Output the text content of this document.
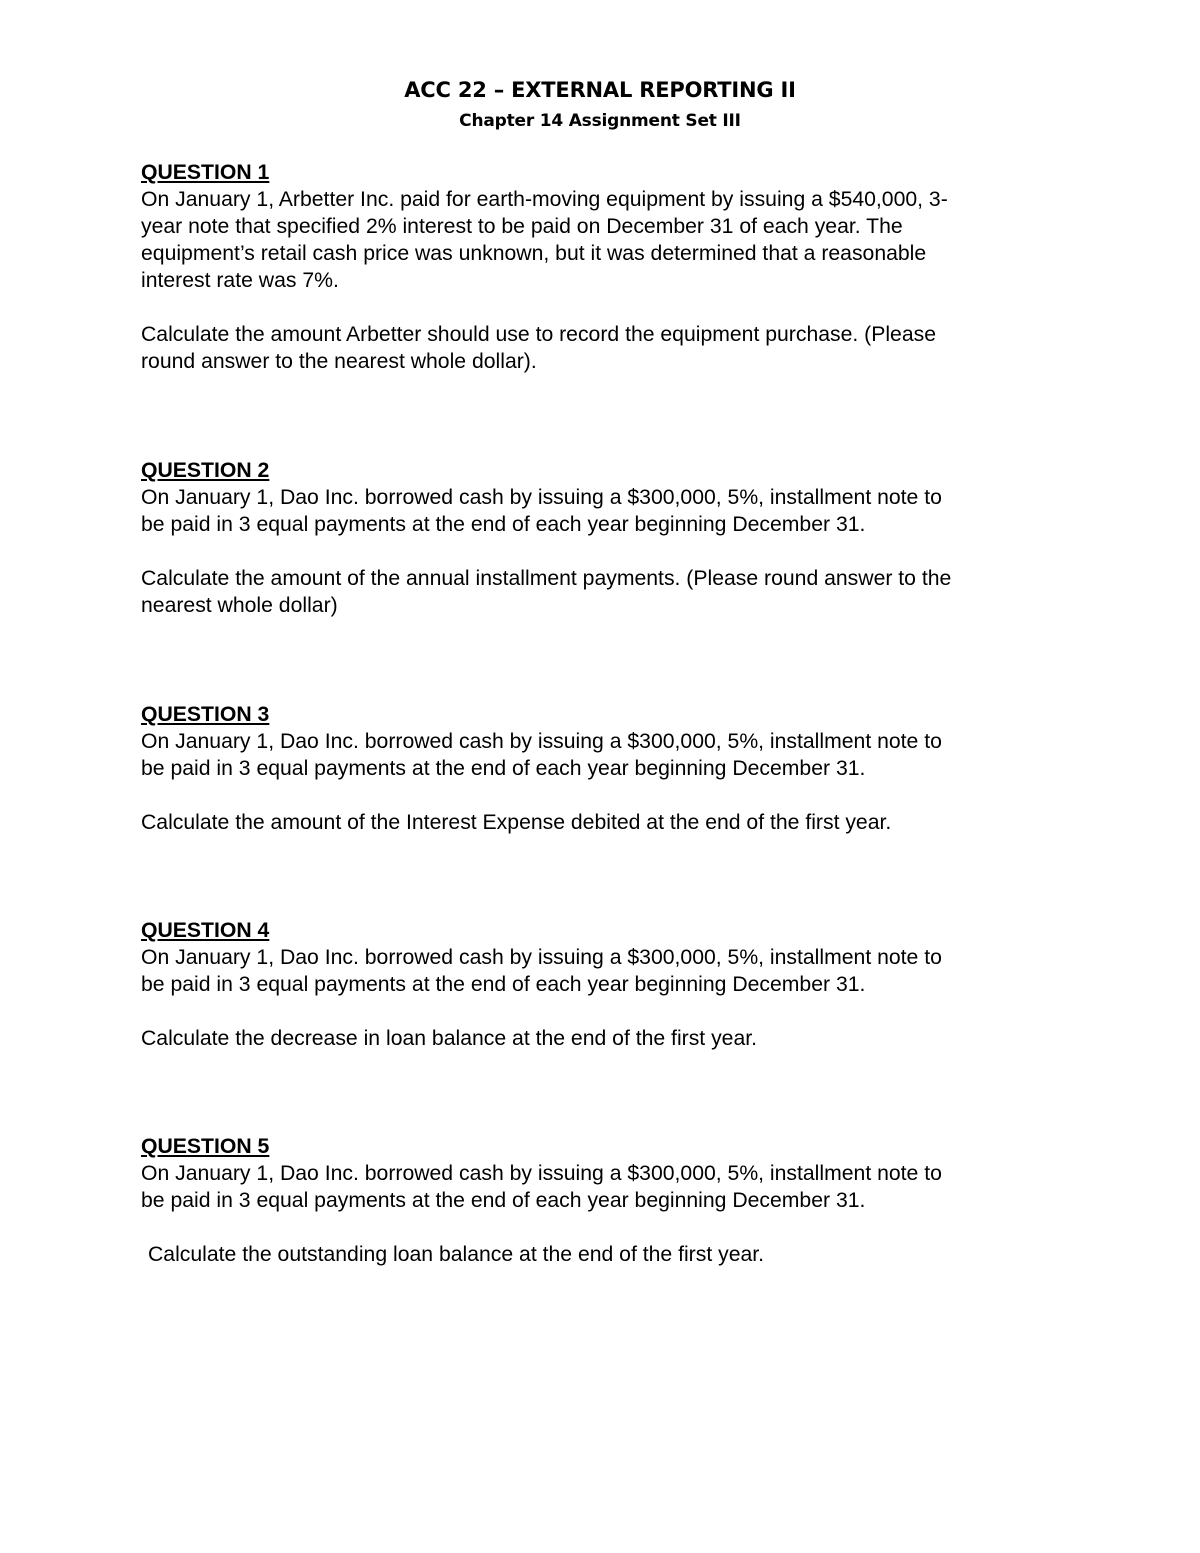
ACC 22 – EXTERNAL REPORTING II
Chapter 14 Assignment Set III
QUESTION 1
On January 1, Arbetter Inc. paid for earth-moving equipment by issuing a $540,000, 3-
year note that specified 2% interest to be paid on December 31 of each year. The
equipment’s retail cash price was unknown, but it was determined that a reasonable
interest rate was 7%.
Calculate the amount Arbetter should use to record the equipment purchase. (Please
round answer to the nearest whole dollar).
QUESTION 2
On January 1, Dao Inc. borrowed cash by issuing a $300,000, 5%, installment note to
be paid in 3 equal payments at the end of each year beginning December 31.
Calculate the amount of the annual installment payments. (Please round answer to the
nearest whole dollar)
QUESTION 3
On January 1, Dao Inc. borrowed cash by issuing a $300,000, 5%, installment note to
be paid in 3 equal payments at the end of each year beginning December 31.
Calculate the amount of the Interest Expense debited at the end of the first year.
QUESTION 4
On January 1, Dao Inc. borrowed cash by issuing a $300,000, 5%, installment note to
be paid in 3 equal payments at the end of each year beginning December 31.
Calculate the decrease in loan balance at the end of the first year.
QUESTION 5
On January 1, Dao Inc. borrowed cash by issuing a $300,000, 5%, installment note to
be paid in 3 equal payments at the end of each year beginning December 31.
Calculate the outstanding loan balance at the end of the first year.
